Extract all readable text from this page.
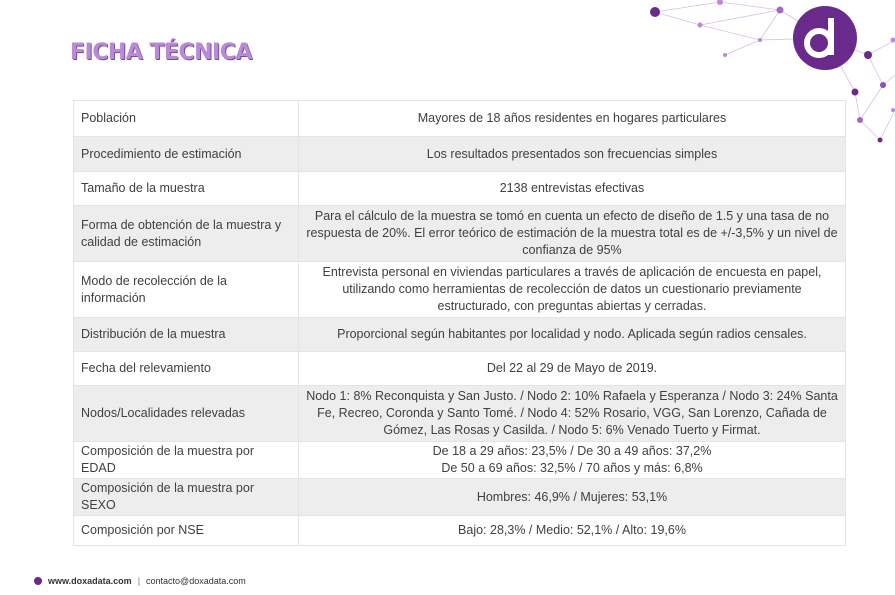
FICHA TÉCNICA
Población	Mayores de 18 años residentes en hogares particulares
Procedimiento de estimación	Los resultados presentados son frecuencias simples
Tamaño de la muestra	2138 entrevistas efectivas
Forma de obtención de la muestra y calidad de estimación	Para el cálculo de la muestra se tomó en cuenta un efecto de diseño de 1.5 y una tasa de no respuesta de 20%. El error teórico de estimación de la muestra total es de +/-3,5% y un nivel de confianza de 95%
Modo de recolección de la información	Entrevista personal en viviendas particulares a través de aplicación de encuesta en papel, utilizando como herramientas de recolección de datos un cuestionario previamente estructurado, con preguntas abiertas y cerradas.
Distribución de la muestra	Proporcional según habitantes por localidad y nodo. Aplicada según radios censales.
Fecha del relevamiento	Del 22 al 29 de Mayo de 2019.
Nodos/Localidades relevadas	Nodo 1: 8% Reconquista y San Justo. / Nodo 2: 10% Rafaela y Esperanza / Nodo 3: 24% Santa Fe, Recreo, Coronda y Santo Tomé. / Nodo 4: 52% Rosario, VGG, San Lorenzo, Cañada de Gómez, Las Rosas y Casilda. / Nodo 5: 6% Venado Tuerto y Firmat.
Composición de la muestra por EDAD	De 18 a 29 años: 23,5% / De 30 a 49 años: 37,2%
De 50 a 69 años: 32,5% / 70 años y más: 6,8%

Composición de la muestra por SEXO	Hombres: 46,9% / Mujeres: 53,1%
Composición por NSE	Bajo: 28,3% / Medio: 52,1% / Alto: 19,6%
www.doxadata.com | contacto@doxadata.com
